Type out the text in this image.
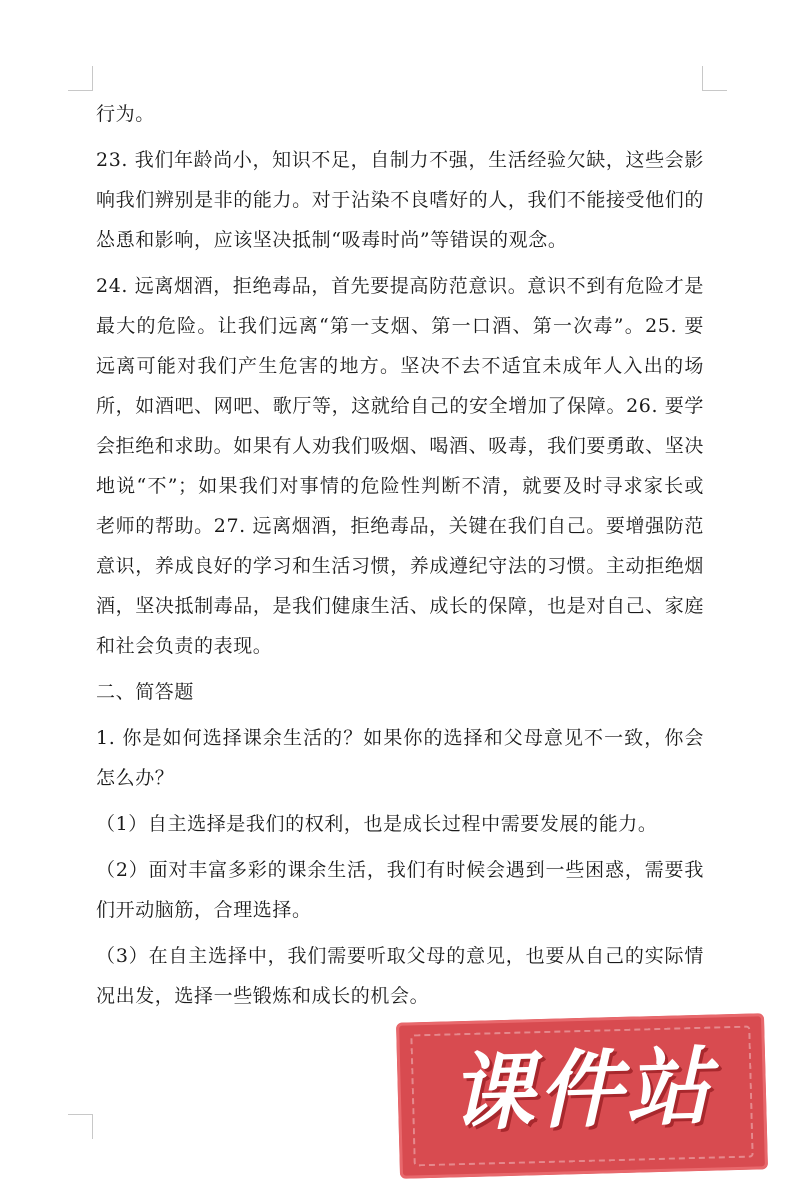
行为。

23. 我们年龄尚小，知识不足，自制力不强，生活经验欠缺，这些会影响我们辨别是非的能力。对于沾染不良嗜好的人，我们不能接受他们的怂恿和影响，应该坚决抵制“吸毒时尚”等错误的观念。

24. 远离烟酒，拒绝毒品，首先要提高防范意识。意识不到有危险才是最大的危险。让我们远离“第一支烟、第一口酒、第一次毒”。25. 要远离可能对我们产生危害的地方。坚决不去不适宜未成年人入出的场所，如酒吧、网吧、歌厅等，这就给自己的安全增加了保障。26. 要学会拒绝和求助。如果有人劝我们吸烟、喝酒、吸毒，我们要勇敢、坚决地说“不”；如果我们对事情的危险性判断不清，就要及时寻求家长或老师的帮助。27. 远离烟酒，拒绝毒品，关键在我们自己。要增强防范意识，养成良好的学习和生活习惯，养成遵纪守法的习惯。主动拒绝烟酒，坚决抵制毒品，是我们健康生活、成长的保障，也是对自己、家庭和社会负责的表现。

二、简答题

1. 你是如何选择课余生活的？如果你的选择和父母意见不一致，你会怎么办？

（1）自主选择是我们的权利，也是成长过程中需要发展的能力。

（2）面对丰富多彩的课余生活，我们有时候会遇到一些困惑，需要我们开动脑筋，合理选择。

（3）在自主选择中，我们需要听取父母的意见，也要从自己的实际情况出发，选择一些锻炼和成长的机会。

课件站
